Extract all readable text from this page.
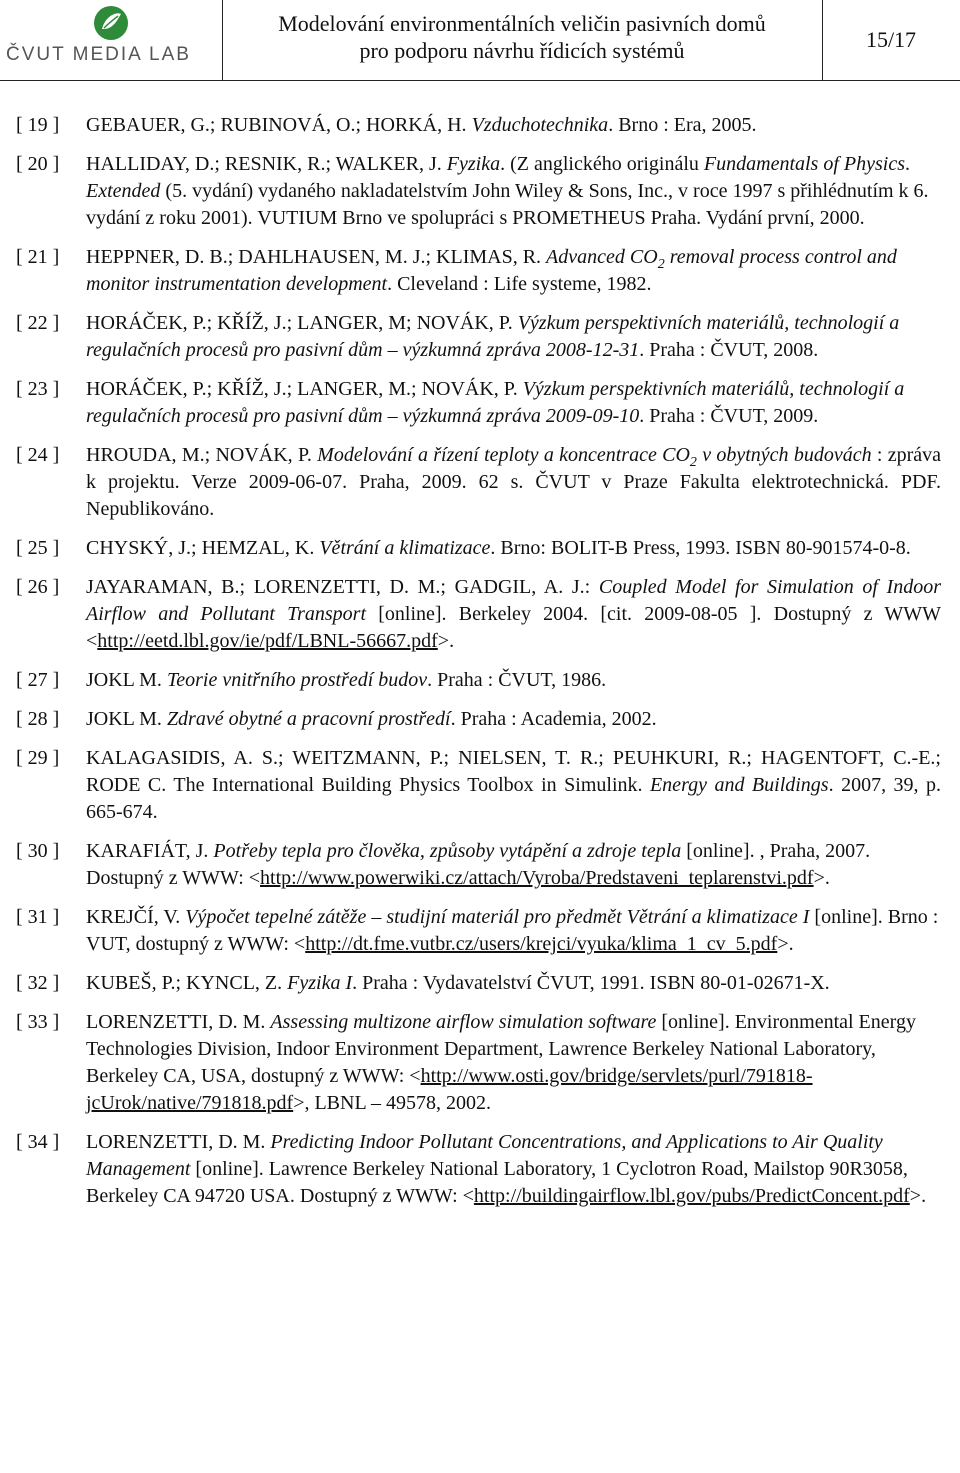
ČVUT MEDIA LAB
Modelování environmentálních veličin pasivních domů
pro podporu návrhu řídicích systémů	15/17
[ 19 ] GEBAUER, G.; RUBINOVÁ, O.; HORKÁ, H. Vzduchotechnika. Brno : Era, 2005.
[ 20 ] HALLIDAY, D.; RESNIK, R.; WALKER, J. Fyzika. (Z anglického originálu Fundamentals of Physics. Extended (5. vydání) vydaného nakladatelstvím John Wiley & Sons, Inc., v roce 1997 s přihlédnutím k 6. vydání z roku 2001). VUTIUM Brno ve spolupráci s PROMETHEUS Praha. Vydání první, 2000.
[ 21 ] HEPPNER, D. B.; DAHLHAUSEN, M. J.; KLIMAS, R. Advanced $CO_2$ removal process control and monitor instrumentation development. Cleveland : Life systeme, 1982.
[ 22 ] HORÁČEK, P.; KŘÍŽ, J.; LANGER, M; NOVÁK, P. Výzkum perspektivních materiálů, technologií a regulačních procesů pro pasivní dům – výzkumná zpráva 2008-12-31. Praha : ČVUT, 2008.
[ 23 ] HORÁČEK, P.; KŘÍŽ, J.; LANGER, M.; NOVÁK, P. Výzkum perspektivních materiálů, technologií a regulačních procesů pro pasivní dům – výzkumná zpráva 2009-09-10. Praha : ČVUT, 2009.
[ 24 ] HROUDA, M.; NOVÁK, P. Modelování a řízení teploty a koncentrace $CO_2$ v obytných budovách : zpráva k projektu. Verze 2009-06-07. Praha, 2009. 62 s. ČVUT v Praze Fakulta elektrotechnická. PDF. Nepublikováno.
[ 25 ] CHYSKÝ, J.; HEMZAL, K. Větrání a klimatizace. Brno: BOLIT-B Press, 1993. ISBN 80-901574-0-8.
[ 26 ] JAYARAMAN, B.; LORENZETTI, D. M.; GADGIL, A. J.: Coupled Model for Simulation of Indoor Airflow and Pollutant Transport [online]. Berkeley 2004. [cit. 2009-08-05 ]. Dostupný z WWW <http://eetd.lbl.gov/ie/pdf/LBNL-56667.pdf>.
[ 27 ] JOKL M. Teorie vnitřního prostředí budov. Praha : ČVUT, 1986.
[ 28 ] JOKL M. Zdravé obytné a pracovní prostředí. Praha : Academia, 2002.
[ 29 ] KALAGASIDIS, A. S.; WEITZMANN, P.; NIELSEN, T. R.; PEUHKURI, R.; HAGENTOFT, C.-E.; RODE C. The International Building Physics Toolbox in Simulink. Energy and Buildings. 2007, 39, p. 665-674.
[ 30 ] KARAFIÁT, J. Potřeby tepla pro člověka, způsoby vytápění a zdroje tepla [online]. , Praha, 2007. Dostupný z WWW: <http://www.powerwiki.cz/attach/Vyroba/Predstaveni_teplarenstvi.pdf>.
[ 31 ] KREJČÍ, V. Výpočet tepelné zátěže – studijní materiál pro předmět Větrání a klimatizace I [online]. Brno : VUT, dostupný z WWW: <http://dt.fme.vutbr.cz/users/krejci/vyuka/klima_1_cv_5.pdf>.
[ 32 ] KUBEŠ, P.; KYNCL, Z. Fyzika I. Praha : Vydavatelství ČVUT, 1991. ISBN 80-01-02671-X.
[ 33 ] LORENZETTI, D. M. Assessing multizone airflow simulation software [online]. Environmental Energy Technologies Division, Indoor Environment Department, Lawrence Berkeley National Laboratory, Berkeley CA, USA, dostupný z WWW: <http://www.osti.gov/bridge/servlets/purl/791818-jcUrok/native/791818.pdf>, LBNL – 49578, 2002.
[ 34 ] LORENZETTI, D. M. Predicting Indoor Pollutant Concentrations, and Applications to Air Quality Management [online]. Lawrence Berkeley National Laboratory, 1 Cyclotron Road, Mailstop 90R3058, Berkeley CA 94720 USA. Dostupný z WWW: <http://buildingairflow.lbl.gov/pubs/PredictConcent.pdf>.
